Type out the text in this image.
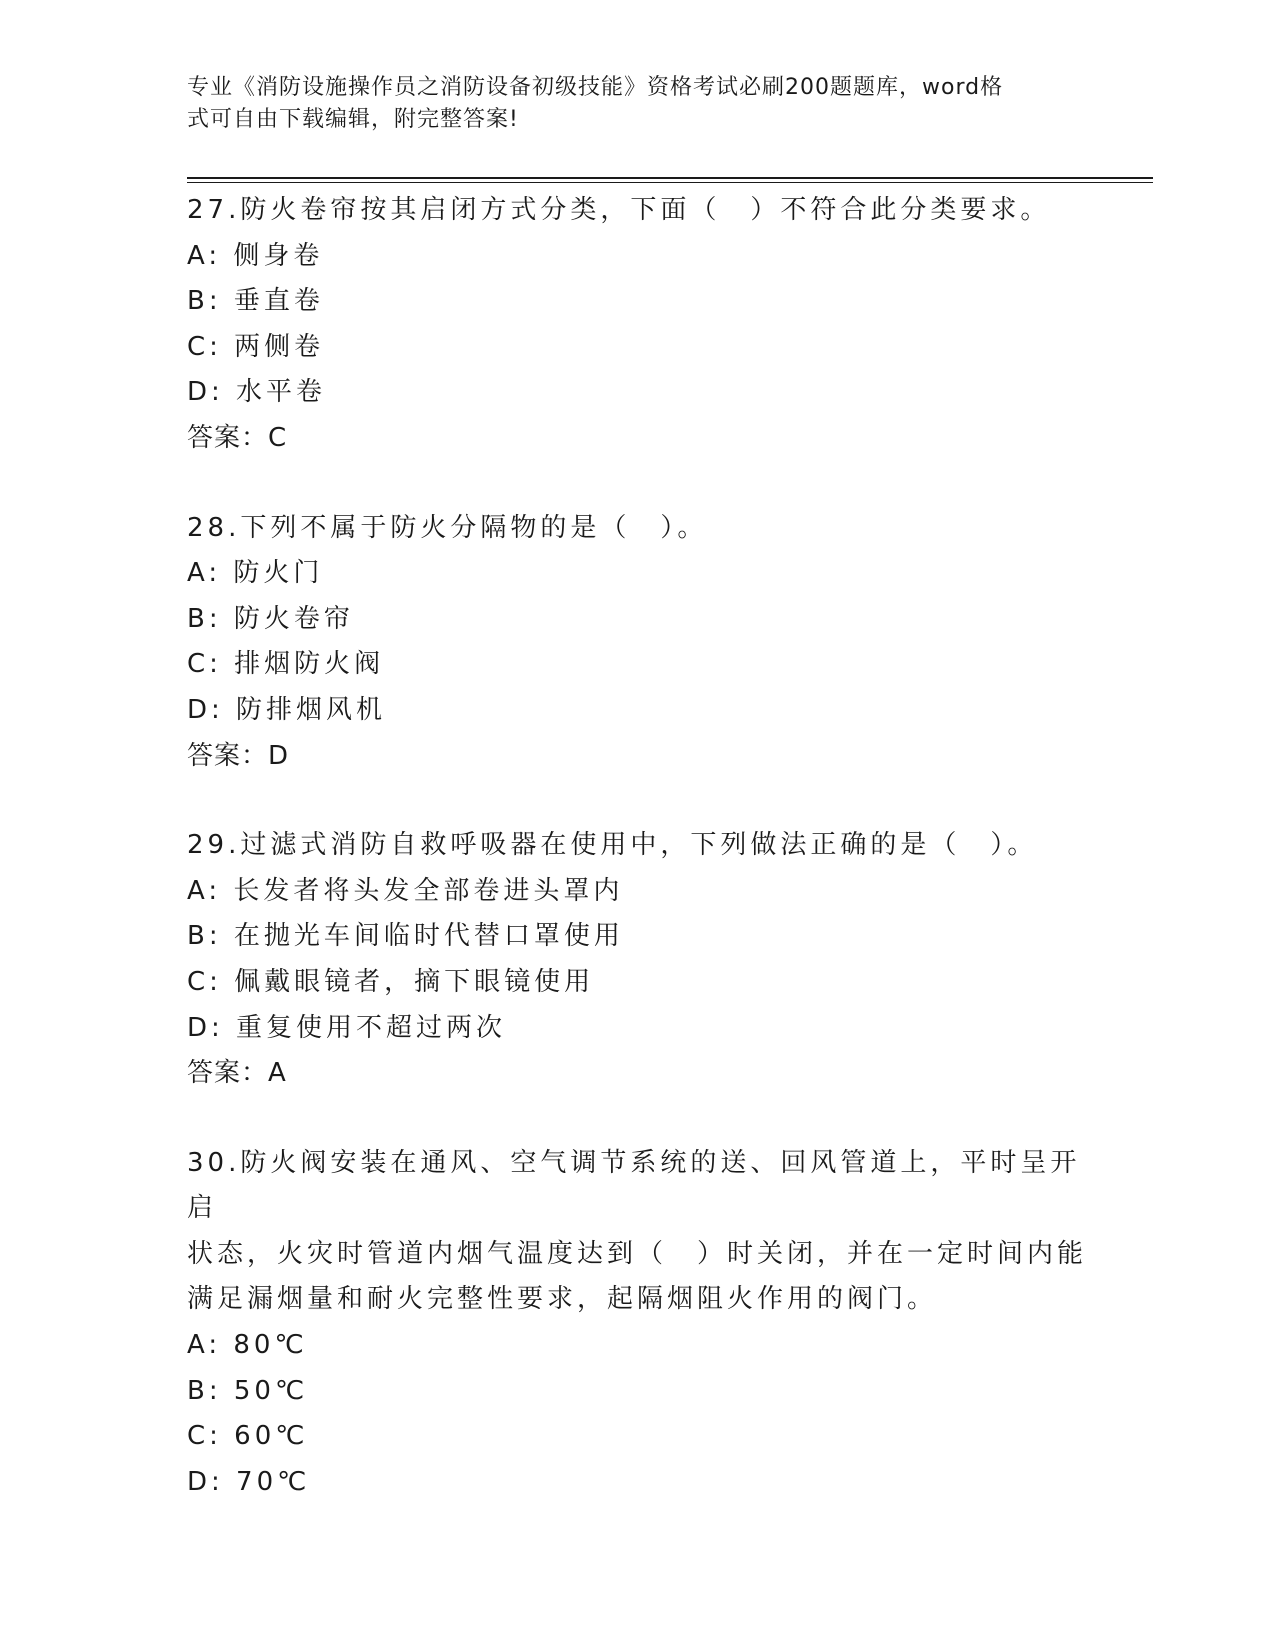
专业《消防设施操作员之消防设备初级技能》资格考试必刷200题题库，word格
式可自由下载编辑，附完整答案!
27.防火卷帘按其启闭方式分类，下面（　）不符合此分类要求。
A: 侧身卷
B: 垂直卷
C: 两侧卷
D: 水平卷
答案：C
28.下列不属于防火分隔物的是（　）。
A: 防火门
B: 防火卷帘
C: 排烟防火阀
D: 防排烟风机
答案：D
29.过滤式消防自救呼吸器在使用中，下列做法正确的是（　）。
A: 长发者将头发全部卷进头罩内
B: 在抛光车间临时代替口罩使用
C: 佩戴眼镜者，摘下眼镜使用
D: 重复使用不超过两次
答案：A
30.防火阀安装在通风、空气调节系统的送、回风管道上，平时呈开启
状态，火灾时管道内烟气温度达到（　）时关闭，并在一定时间内能
满足漏烟量和耐火完整性要求，起隔烟阻火作用的阀门。
A: 80℃
B: 50℃
C: 60℃
D: 70℃
